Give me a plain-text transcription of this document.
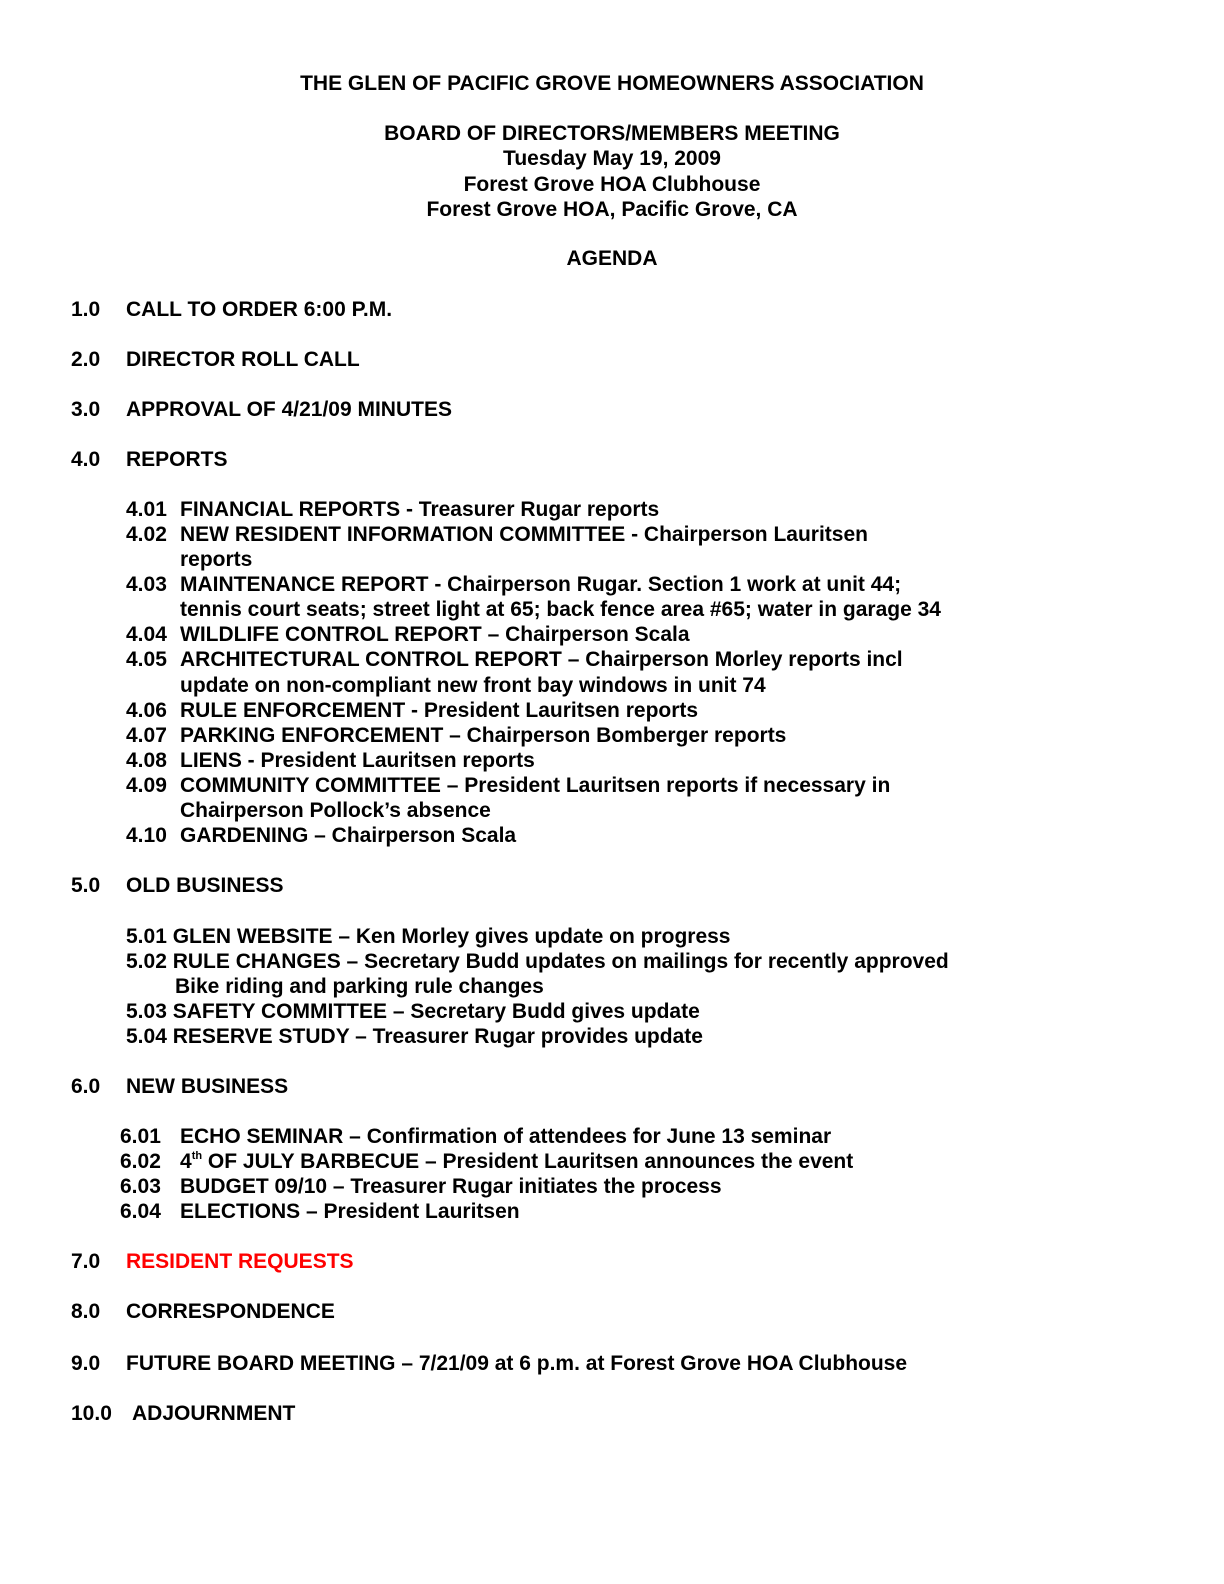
THE GLEN OF PACIFIC GROVE HOMEOWNERS ASSOCIATION
BOARD OF DIRECTORS/MEMBERS MEETING
Tuesday May 19, 2009
Forest Grove HOA Clubhouse
Forest Grove HOA, Pacific Grove, CA
AGENDA
1.0 CALL TO ORDER 6:00 P.M.
2.0 DIRECTOR ROLL CALL
3.0 APPROVAL OF 4/21/09 MINUTES
4.0 REPORTS
4.01 FINANCIAL REPORTS - Treasurer Rugar reports
4.02 NEW RESIDENT INFORMATION COMMITTEE - Chairperson Lauritsen
reports
4.03 MAINTENANCE REPORT - Chairperson Rugar. Section 1 work at unit 44;
tennis court seats; street light at 65; back fence area #65; water in garage 34
4.04 WILDLIFE CONTROL REPORT – Chairperson Scala
4.05 ARCHITECTURAL CONTROL REPORT – Chairperson Morley reports incl
update on non-compliant new front bay windows in unit 74
4.06 RULE ENFORCEMENT - President Lauritsen reports
4.07 PARKING ENFORCEMENT – Chairperson Bomberger reports
4.08 LIENS - President Lauritsen reports
4.09 COMMUNITY COMMITTEE – President Lauritsen reports if necessary in
Chairperson Pollock’s absence
4.10 GARDENING – Chairperson Scala
5.0 OLD BUSINESS
5.01 GLEN WEBSITE – Ken Morley gives update on progress
5.02 RULE CHANGES – Secretary Budd updates on mailings for recently approved
Bike riding and parking rule changes
5.03 SAFETY COMMITTEE – Secretary Budd gives update
5.04 RESERVE STUDY – Treasurer Rugar provides update
6.0 NEW BUSINESS
6.01 ECHO SEMINAR – Confirmation of attendees for June 13 seminar
6.02 4th OF JULY BARBECUE – President Lauritsen announces the event
6.03 BUDGET 09/10 – Treasurer Rugar initiates the process
6.04 ELECTIONS – President Lauritsen
7.0 RESIDENT REQUESTS
8.0 CORRESPONDENCE
9.0 FUTURE BOARD MEETING – 7/21/09 at 6 p.m. at Forest Grove HOA Clubhouse
10.0 ADJOURNMENT
